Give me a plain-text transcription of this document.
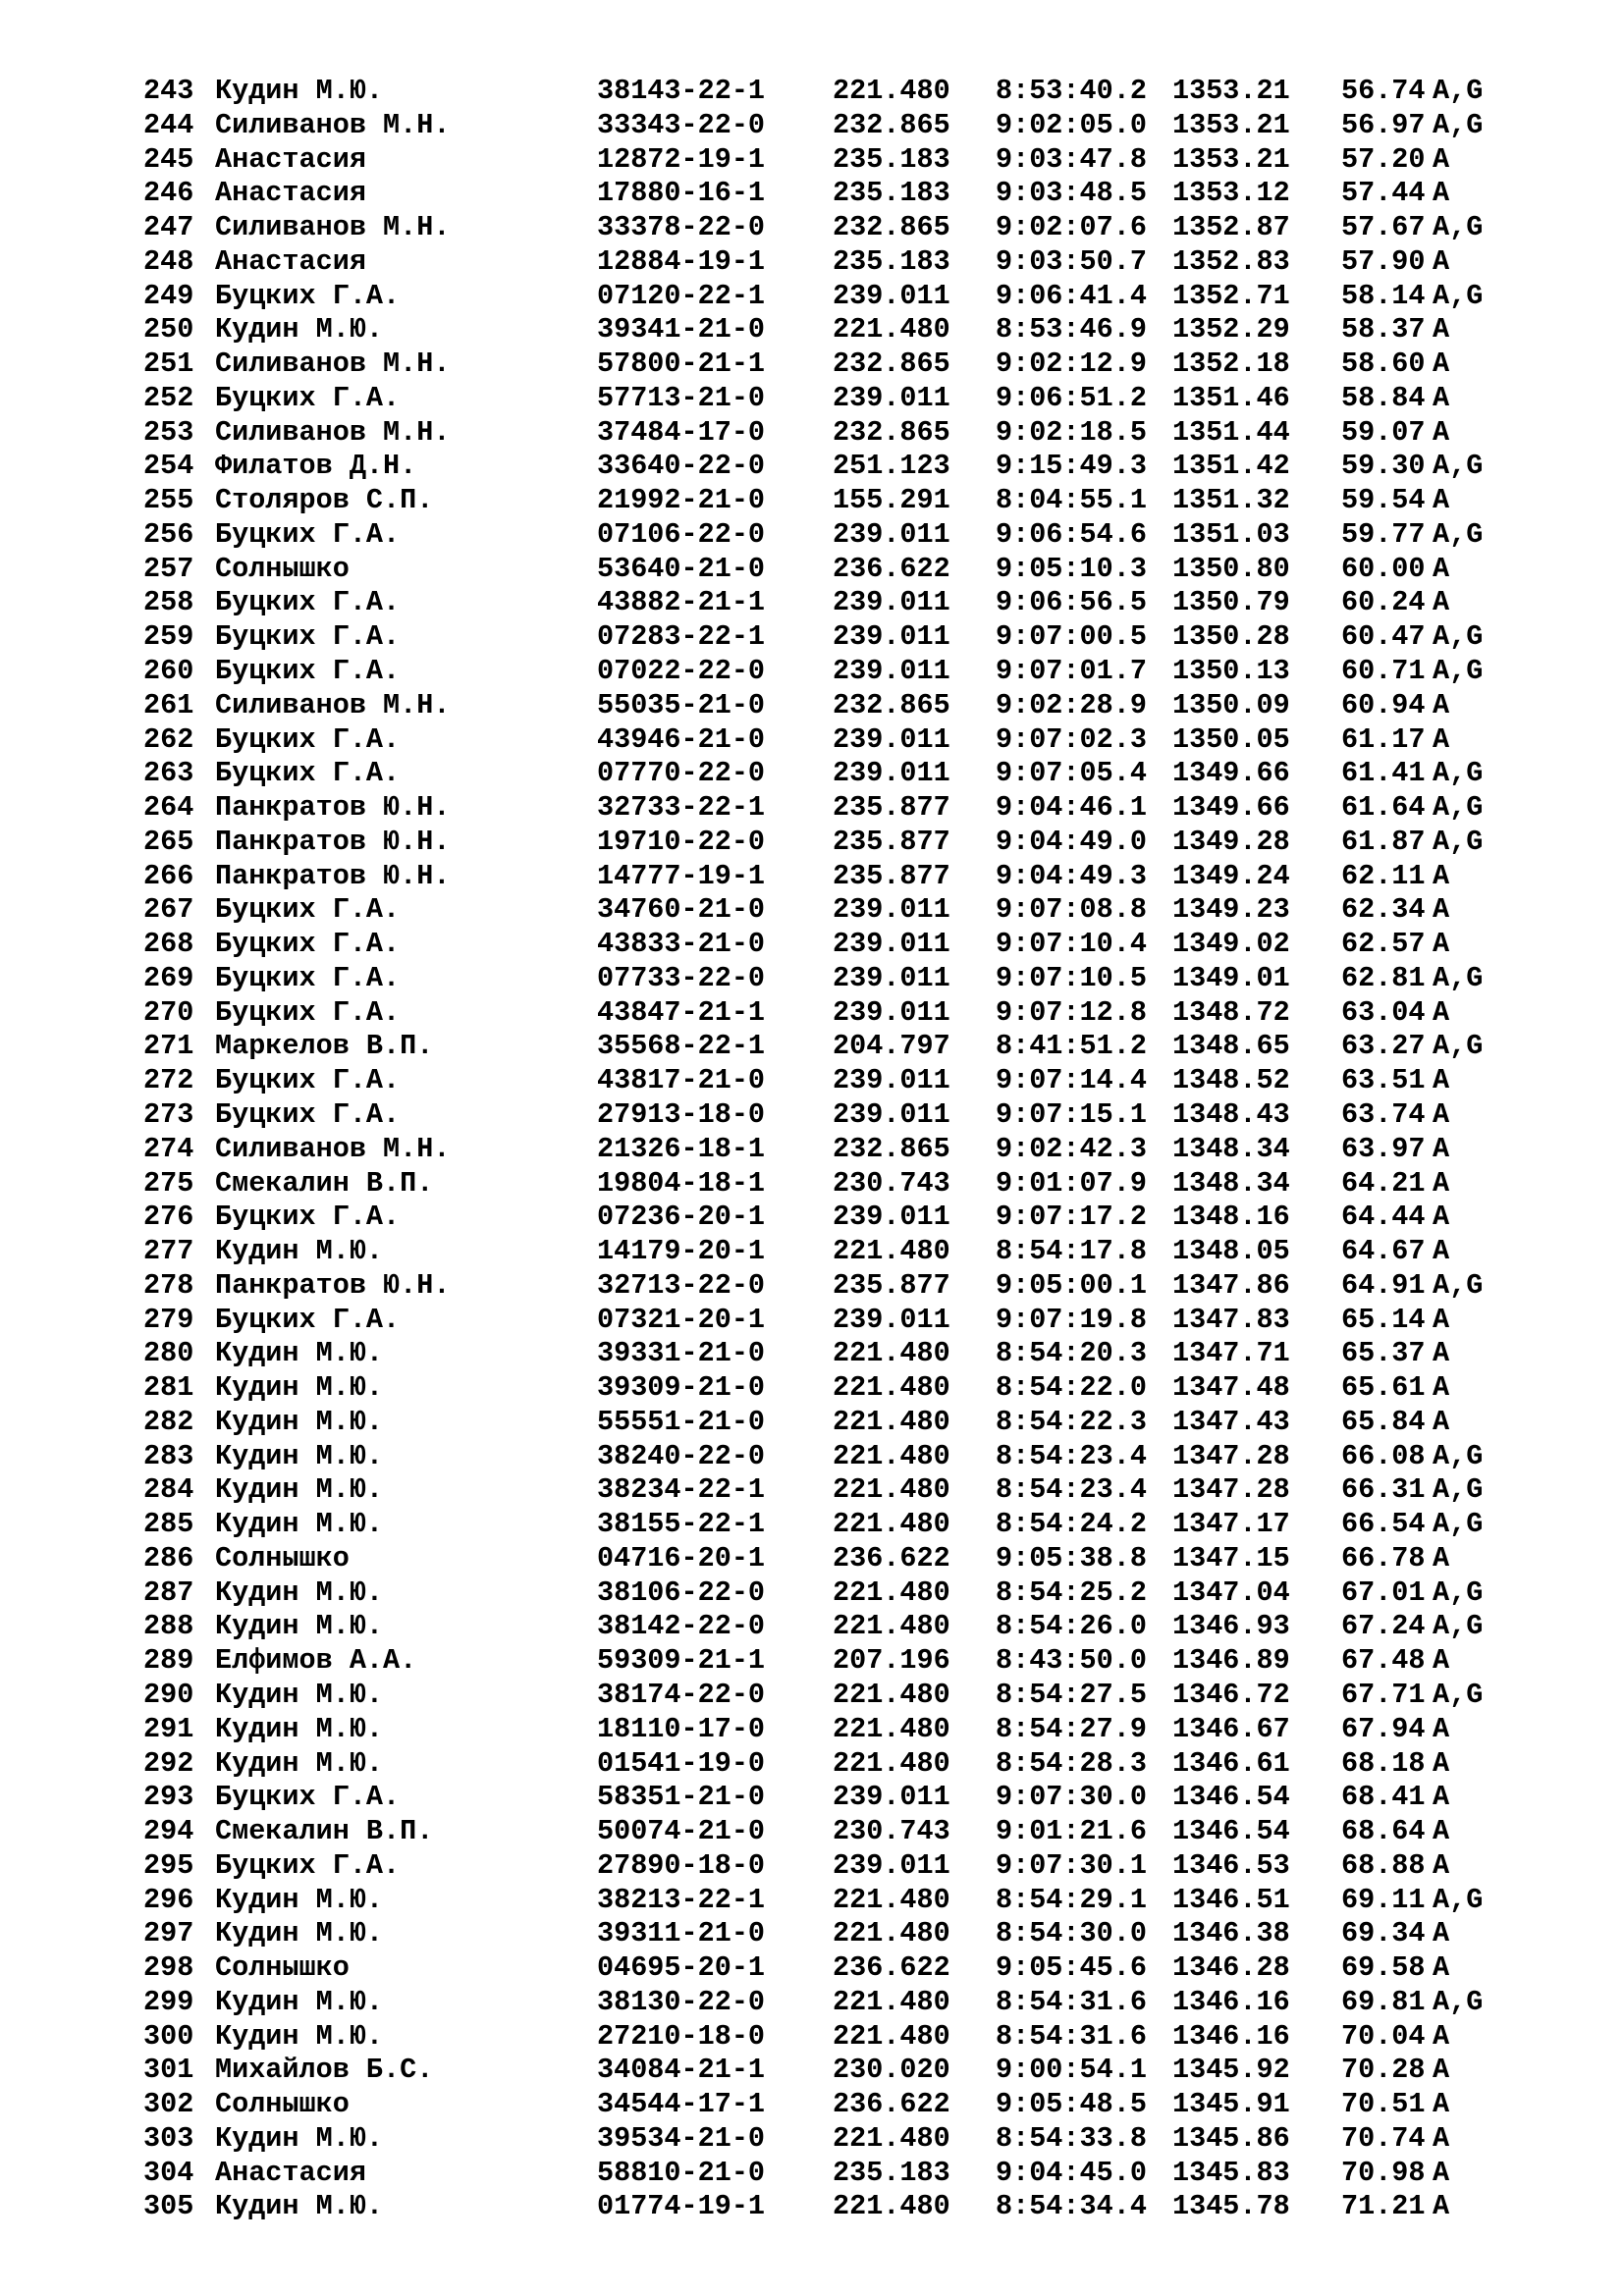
243 Кудин М.Ю.	38143-22-1 221.480 8:53:40.2 1353.21 56.74 A,G
244 Силиванов М.Н.	33343-22-0 232.865 9:02:05.0 1353.21 56.97 A,G
245 Анастасия	12872-19-1 235.183 9:03:47.8 1353.21 57.20 A
246 Анастасия	17880-16-1 235.183 9:03:48.5 1353.12 57.44 A
247 Силиванов М.Н.	33378-22-0 232.865 9:02:07.6 1352.87 57.67 A,G
248 Анастасия	12884-19-1 235.183 9:03:50.7 1352.83 57.90 A
249 Буцких Г.А.	07120-22-1 239.011 9:06:41.4 1352.71 58.14 A,G
250 Кудин М.Ю.	39341-21-0 221.480 8:53:46.9 1352.29 58.37 A
251 Силиванов М.Н.	57800-21-1 232.865 9:02:12.9 1352.18 58.60 A
252 Буцких Г.А.	57713-21-0 239.011 9:06:51.2 1351.46 58.84 A
253 Силиванов М.Н.	37484-17-0 232.865 9:02:18.5 1351.44 59.07 A
254 Филатов Д.Н.	33640-22-0 251.123 9:15:49.3 1351.42 59.30 A,G
255 Столяров С.П.	21992-21-0 155.291 8:04:55.1 1351.32 59.54 A
256 Буцких Г.А.	07106-22-0 239.011 9:06:54.6 1351.03 59.77 A,G
257 Солнышко	53640-21-0 236.622 9:05:10.3 1350.80 60.00 A
258 Буцких Г.А.	43882-21-1 239.011 9:06:56.5 1350.79 60.24 A
259 Буцких Г.А.	07283-22-1 239.011 9:07:00.5 1350.28 60.47 A,G
260 Буцких Г.А.	07022-22-0 239.011 9:07:01.7 1350.13 60.71 A,G
261 Силиванов М.Н.	55035-21-0 232.865 9:02:28.9 1350.09 60.94 A
262 Буцких Г.А.	43946-21-0 239.011 9:07:02.3 1350.05 61.17 A
263 Буцких Г.А.	07770-22-0 239.011 9:07:05.4 1349.66 61.41 A,G
264 Панкратов Ю.Н.	32733-22-1 235.877 9:04:46.1 1349.66 61.64 A,G
265 Панкратов Ю.Н.	19710-22-0 235.877 9:04:49.0 1349.28 61.87 A,G
266 Панкратов Ю.Н.	14777-19-1 235.877 9:04:49.3 1349.24 62.11 A
267 Буцких Г.А.	34760-21-0 239.011 9:07:08.8 1349.23 62.34 A
268 Буцких Г.А.	43833-21-0 239.011 9:07:10.4 1349.02 62.57 A
269 Буцких Г.А.	07733-22-0 239.011 9:07:10.5 1349.01 62.81 A,G
270 Буцких Г.А.	43847-21-1 239.011 9:07:12.8 1348.72 63.04 A
271 Маркелов В.П.	35568-22-1 204.797 8:41:51.2 1348.65 63.27 A,G
272 Буцких Г.А.	43817-21-0 239.011 9:07:14.4 1348.52 63.51 A
273 Буцких Г.А.	27913-18-0 239.011 9:07:15.1 1348.43 63.74 A
274 Силиванов М.Н.	21326-18-1 232.865 9:02:42.3 1348.34 63.97 A
275 Смекалин В.П.	19804-18-1 230.743 9:01:07.9 1348.34 64.21 A
276 Буцких Г.А.	07236-20-1 239.011 9:07:17.2 1348.16 64.44 A
277 Кудин М.Ю.	14179-20-1 221.480 8:54:17.8 1348.05 64.67 A
278 Панкратов Ю.Н.	32713-22-0 235.877 9:05:00.1 1347.86 64.91 A,G
279 Буцких Г.А.	07321-20-1 239.011 9:07:19.8 1347.83 65.14 A
280 Кудин М.Ю.	39331-21-0 221.480 8:54:20.3 1347.71 65.37 A
281 Кудин М.Ю.	39309-21-0 221.480 8:54:22.0 1347.48 65.61 A
282 Кудин М.Ю.	55551-21-0 221.480 8:54:22.3 1347.43 65.84 A
283 Кудин М.Ю.	38240-22-0 221.480 8:54:23.4 1347.28 66.08 A,G
284 Кудин М.Ю.	38234-22-1 221.480 8:54:23.4 1347.28 66.31 A,G
285 Кудин М.Ю.	38155-22-1 221.480 8:54:24.2 1347.17 66.54 A,G
286 Солнышко	04716-20-1 236.622 9:05:38.8 1347.15 66.78 A
287 Кудин М.Ю.	38106-22-0 221.480 8:54:25.2 1347.04 67.01 A,G
288 Кудин М.Ю.	38142-22-0 221.480 8:54:26.0 1346.93 67.24 A,G
289 Елфимов А.А.	59309-21-1 207.196 8:43:50.0 1346.89 67.48 A
290 Кудин М.Ю.	38174-22-0 221.480 8:54:27.5 1346.72 67.71 A,G
291 Кудин М.Ю.	18110-17-0 221.480 8:54:27.9 1346.67 67.94 A
292 Кудин М.Ю.	01541-19-0 221.480 8:54:28.3 1346.61 68.18 A
293 Буцких Г.А.	58351-21-0 239.011 9:07:30.0 1346.54 68.41 A
294 Смекалин В.П.	50074-21-0 230.743 9:01:21.6 1346.54 68.64 A
295 Буцких Г.А.	27890-18-0 239.011 9:07:30.1 1346.53 68.88 A
296 Кудин М.Ю.	38213-22-1 221.480 8:54:29.1 1346.51 69.11 A,G
297 Кудин М.Ю.	39311-21-0 221.480 8:54:30.0 1346.38 69.34 A
298 Солнышко	04695-20-1 236.622 9:05:45.6 1346.28 69.58 A
299 Кудин М.Ю.	38130-22-0 221.480 8:54:31.6 1346.16 69.81 A,G
300 Кудин М.Ю.	27210-18-0 221.480 8:54:31.6 1346.16 70.04 A
301 Михайлов Б.С.	34084-21-1 230.020 9:00:54.1 1345.92 70.28 A
302 Солнышко	34544-17-1 236.622 9:05:48.5 1345.91 70.51 A
303 Кудин М.Ю.	39534-21-0 221.480 8:54:33.8 1345.86 70.74 A
304 Анастасия	58810-21-0 235.183 9:04:45.0 1345.83 70.98 A
305 Кудин М.Ю.	01774-19-1 221.480 8:54:34.4 1345.78 71.21 A
